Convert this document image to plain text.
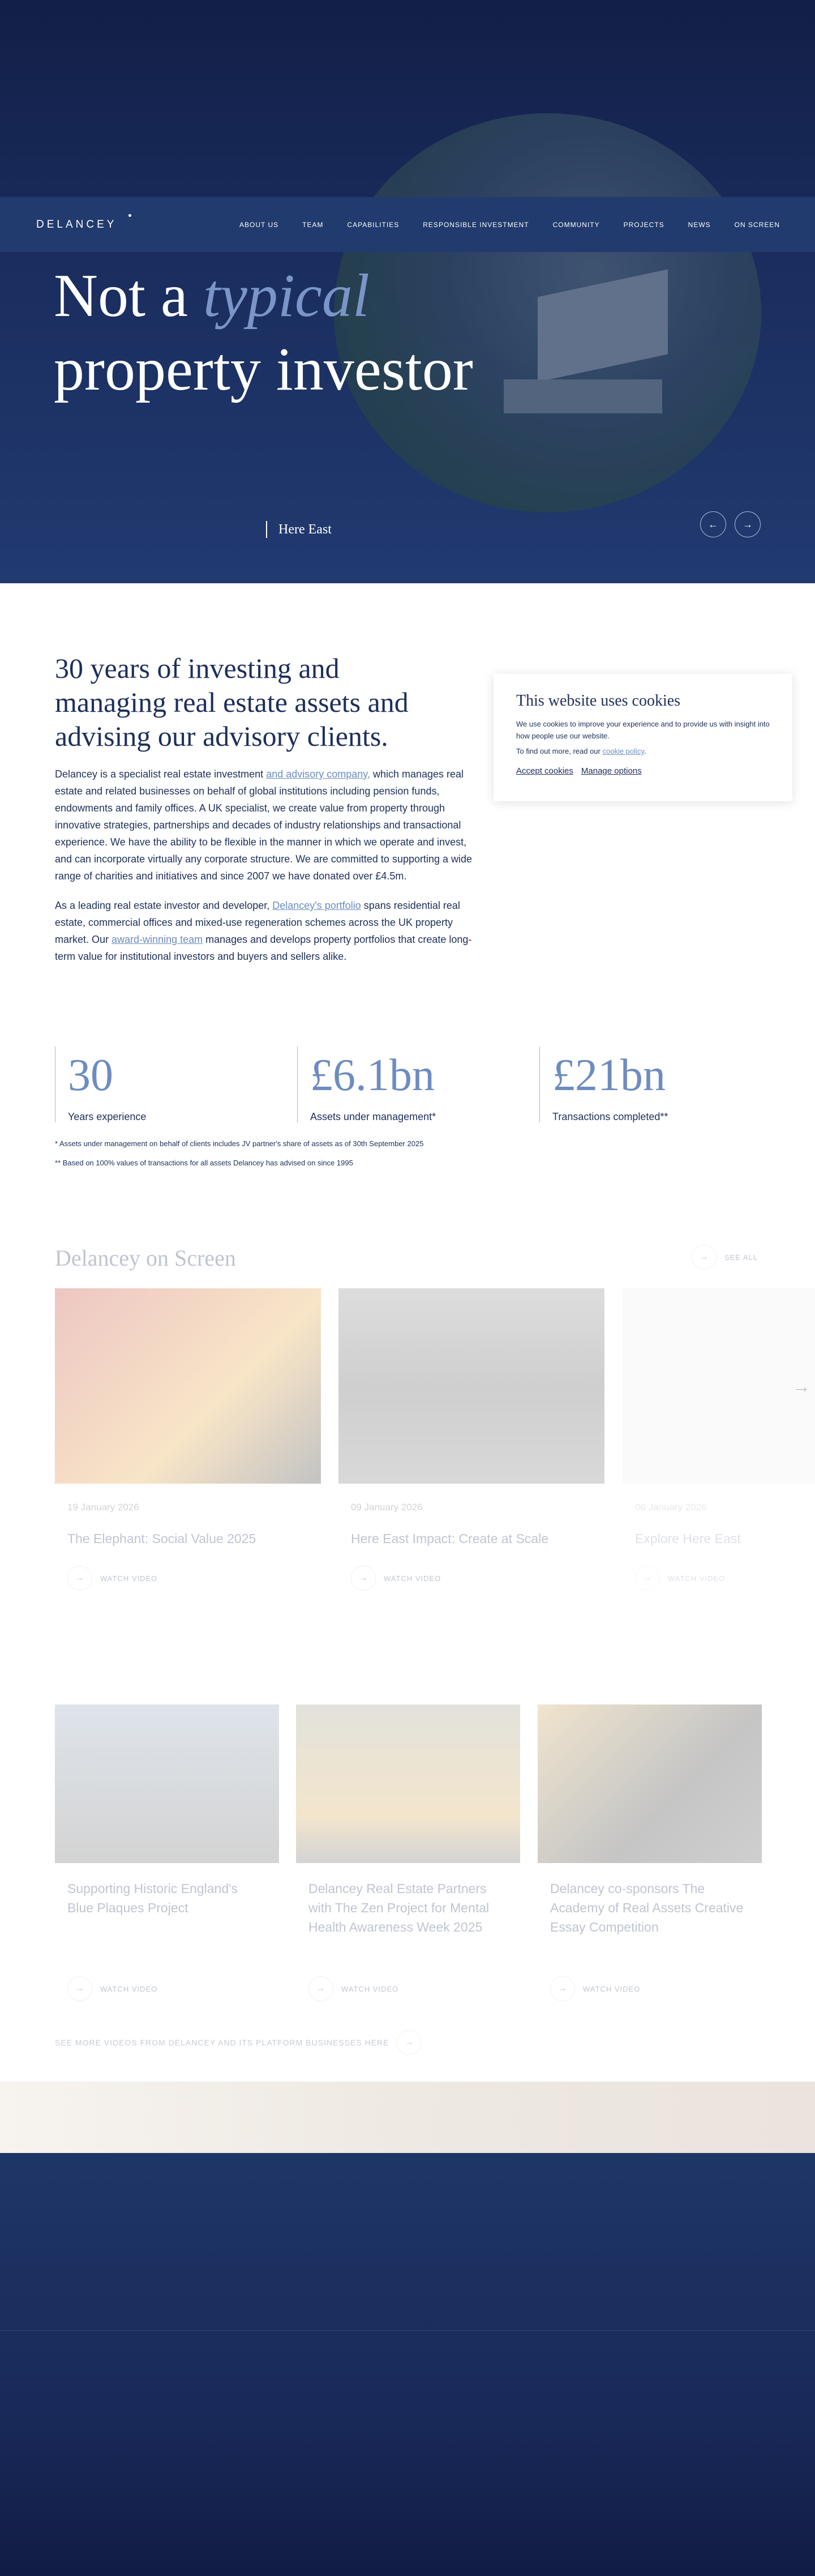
Not a typical
property investor
Here East	← →
DELANCEY	ABOUT US	TEAM	CAPABILITIES	RESPONSIBLE INVESTMENT	COMMUNITY	PROJECTS	NEWS	ON SCREEN
30 years of investing and
managing real estate assets and
advising our advisory clients.

Delancey is a specialist real estate investment and advisory company, which manages real estate and related businesses on behalf of global institutions including pension funds, endowments and family offices. A UK specialist, we create value from property through innovative strategies, partnerships and decades of industry relationships and transactional experience. We have the ability to be flexible in the manner in which we operate and invest, and can incorporate virtually any corporate structure. We are committed to supporting a wide range of charities and initiatives and since 2007 we have donated over £4.5m.

As a leading real estate investor and developer, Delancey's portfolio spans residential real estate, commercial offices and mixed-use regeneration schemes across the UK property market. Our award-winning team manages and develops property portfolios that create long-term value for institutional investors and buyers and sellers alike.

This website uses cookies

We use cookies to improve your experience and to provide us with insight into how people use our website.

To find out more, read our cookie policy.

Accept cookies Manage options
30
Years experience
£6.1bn
Assets under management*
£21bn
Transactions completed**
* Assets under management on behalf of clients includes JV partner's share of assets as of 30th September 2025
** Based on 100% values of transactions for all assets Delancey has advised on since 1995
Delancey on Screen	→	SEE ALL
19 January 2026
The Elephant: Social Value 2025
→	WATCH VIDEO
09 January 2026
Here East Impact: Create at Scale
→	WATCH VIDEO
06 January 2026
Explore Here East
→	WATCH VIDEO
→
Supporting Historic England's Blue Plaques Project
→	WATCH VIDEO
Delancey Real Estate Partners with The Zen Project for Mental Health Awareness Week 2025
→	WATCH VIDEO
Delancey co-sponsors The Academy of Real Assets Creative Essay Competition
→	WATCH VIDEO
SEE MORE VIDEOS FROM DELANCEY AND ITS PLATFORM BUSINESSES HERE	→
